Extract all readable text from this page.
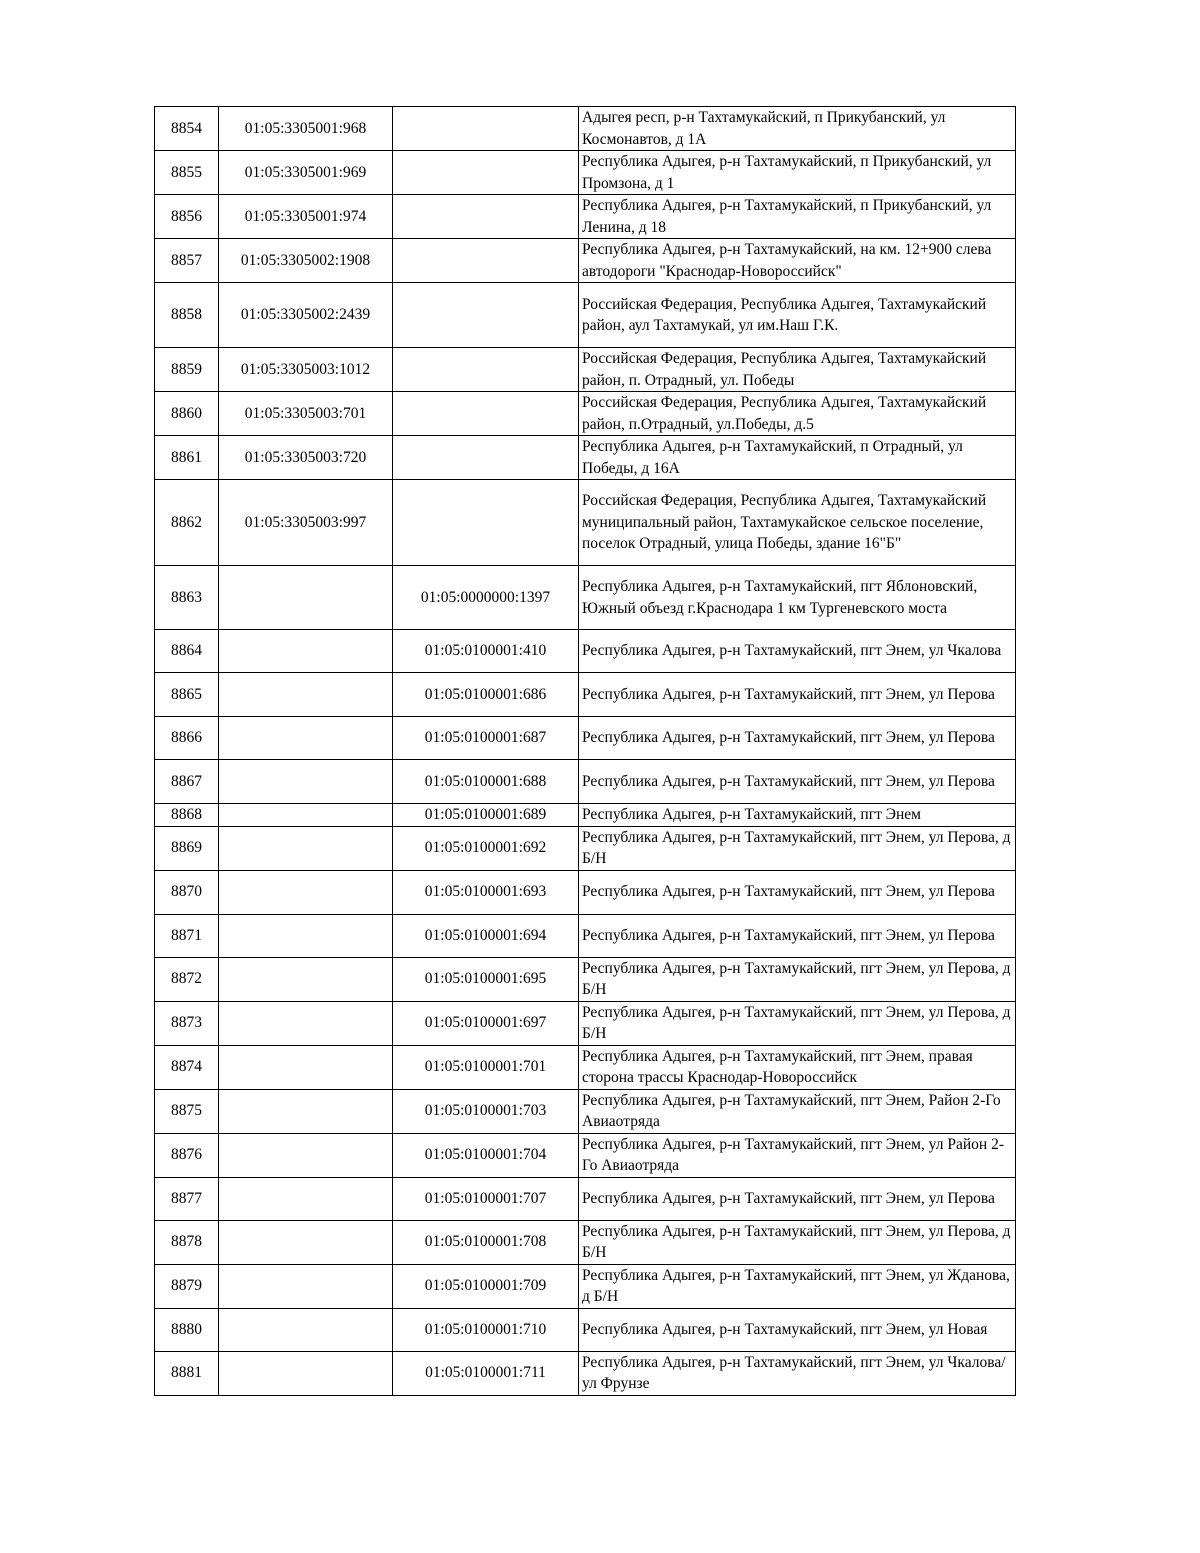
8854	01:05:3305001:968		Адыгея респ, р-н Тахтамукайский, п Прикубанский, ул Космонавтов, д 1А
8855	01:05:3305001:969		Республика Адыгея, р-н Тахтамукайский, п Прикубанский, ул Промзона, д 1
8856	01:05:3305001:974		Республика Адыгея, р-н Тахтамукайский, п Прикубанский, ул Ленина, д 18
8857	01:05:3305002:1908		Республика Адыгея, р-н Тахтамукайский, на км. 12+900 слева автодороги "Краснодар-Новороссийск"
8858	01:05:3305002:2439		Российская Федерация, Республика Адыгея, Тахтамукайский район, аул Тахтамукай, ул им.Наш Г.К.
8859	01:05:3305003:1012		Российская Федерация, Республика Адыгея, Тахтамукайский район, п. Отрадный, ул. Победы
8860	01:05:3305003:701		Российская Федерация, Республика Адыгея, Тахтамукайский район, п.Отрадный, ул.Победы, д.5
8861	01:05:3305003:720		Республика Адыгея, р-н Тахтамукайский, п Отрадный, ул Победы, д 16А
8862	01:05:3305003:997		Российская Федерация, Республика Адыгея, Тахтамукайский муниципальный район, Тахтамукайское сельское поселение, поселок Отрадный, улица Победы, здание 16"Б"
8863		01:05:0000000:1397	Республика Адыгея, р-н Тахтамукайский, пгт Яблоновский, Южный объезд г.Краснодара 1 км Тургеневского моста
8864		01:05:0100001:410	Республика Адыгея, р-н Тахтамукайский, пгт Энем, ул Чкалова
8865		01:05:0100001:686	Республика Адыгея, р-н Тахтамукайский, пгт Энем, ул Перова
8866		01:05:0100001:687	Республика Адыгея, р-н Тахтамукайский, пгт Энем, ул Перова
8867		01:05:0100001:688	Республика Адыгея, р-н Тахтамукайский, пгт Энем, ул Перова
8868		01:05:0100001:689	Республика Адыгея, р-н Тахтамукайский, пгт Энем
8869		01:05:0100001:692	Республика Адыгея, р-н Тахтамукайский, пгт Энем, ул Перова, д Б/Н
8870		01:05:0100001:693	Республика Адыгея, р-н Тахтамукайский, пгт Энем, ул Перова
8871		01:05:0100001:694	Республика Адыгея, р-н Тахтамукайский, пгт Энем, ул Перова
8872		01:05:0100001:695	Республика Адыгея, р-н Тахтамукайский, пгт Энем, ул Перова, д Б/Н
8873		01:05:0100001:697	Республика Адыгея, р-н Тахтамукайский, пгт Энем, ул Перова, д Б/Н
8874		01:05:0100001:701	Республика Адыгея, р-н Тахтамукайский, пгт Энем, правая сторона трассы Краснодар-Новороссийск
8875		01:05:0100001:703	Республика Адыгея, р-н Тахтамукайский, пгт Энем, Район 2-Го Авиаотряда
8876		01:05:0100001:704	Республика Адыгея, р-н Тахтамукайский, пгт Энем, ул Район 2-Го Авиаотряда
8877		01:05:0100001:707	Республика Адыгея, р-н Тахтамукайский, пгт Энем, ул Перова
8878		01:05:0100001:708	Республика Адыгея, р-н Тахтамукайский, пгт Энем, ул Перова, д Б/Н
8879		01:05:0100001:709	Республика Адыгея, р-н Тахтамукайский, пгт Энем, ул Жданова, д Б/Н
8880		01:05:0100001:710	Республика Адыгея, р-н Тахтамукайский, пгт Энем, ул Новая
8881		01:05:0100001:711	Республика Адыгея, р-н Тахтамукайский, пгт Энем, ул Чкалова/ул Фрунзе
